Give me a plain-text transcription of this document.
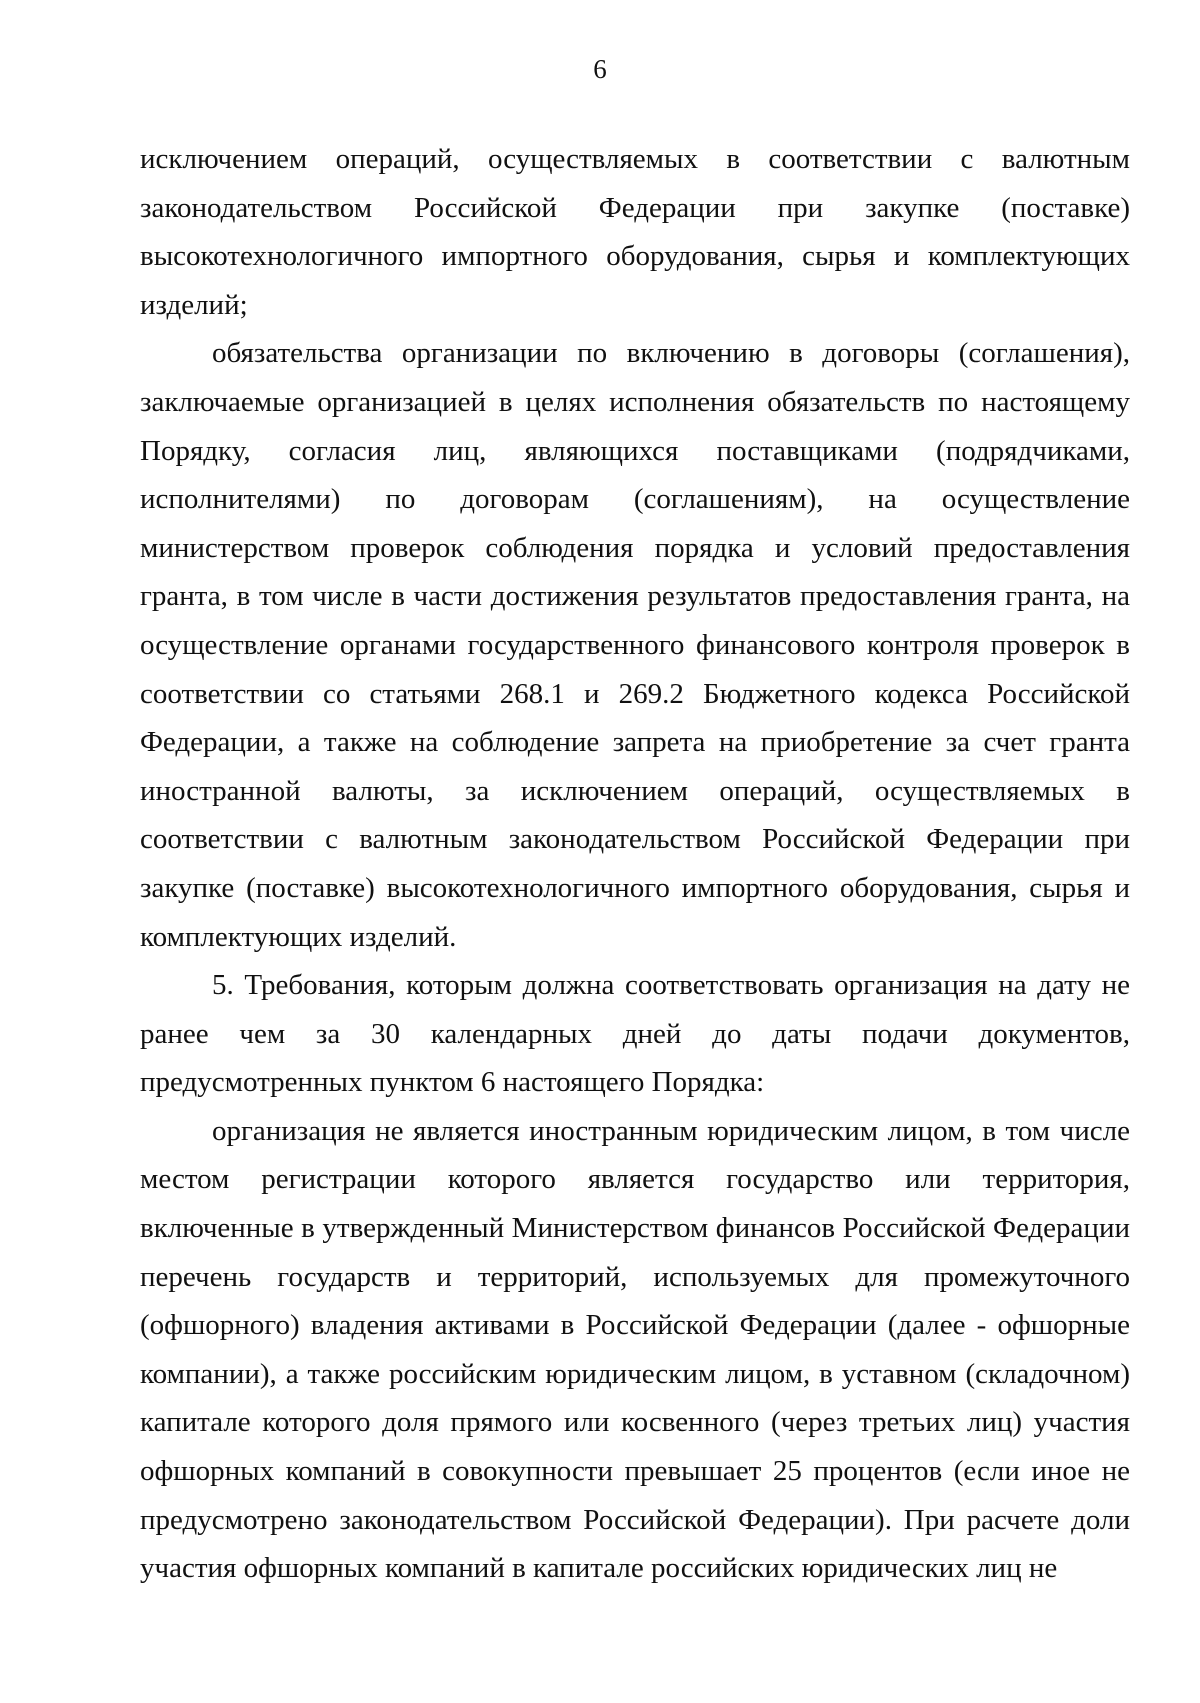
6

исключением операций, осуществляемых в соответствии с валютным законодательством Российской Федерации при закупке (поставке) высокотехнологичного импортного оборудования, сырья и комплектующих изделий;

обязательства организации по включению в договоры (соглашения), заключаемые организацией в целях исполнения обязательств по настоящему Порядку, согласия лиц, являющихся поставщиками (подрядчиками, исполнителями) по договорам (соглашениям), на осуществление министерством проверок соблюдения порядка и условий предоставления гранта, в том числе в части достижения результатов предоставления гранта, на осуществление органами государственного финансового контроля проверок в соответствии со статьями 268.1 и 269.2 Бюджетного кодекса Российской Федерации, а также на соблюдение запрета на приобретение за счет гранта иностранной валюты, за исключением операций, осуществляемых в соответствии с валютным законодательством Российской Федерации при закупке (поставке) высокотехнологичного импортного оборудования, сырья и комплектующих изделий.

5. Требования, которым должна соответствовать организация на дату не ранее чем за 30 календарных дней до даты подачи документов, предусмотренных пунктом 6 настоящего Порядка:

организация не является иностранным юридическим лицом, в том числе местом регистрации которого является государство или территория, включенные в утвержденный Министерством финансов Российской Федерации перечень государств и территорий, используемых для промежуточного (офшорного) владения активами в Российской Федерации (далее - офшорные компании), а также российским юридическим лицом, в уставном (складочном) капитале которого доля прямого или косвенного (через третьих лиц) участия офшорных компаний в совокупности превышает 25 процентов (если иное не предусмотрено законодательством Российской Федерации). При расчете доли участия офшорных компаний в капитале российских юридических лиц не
